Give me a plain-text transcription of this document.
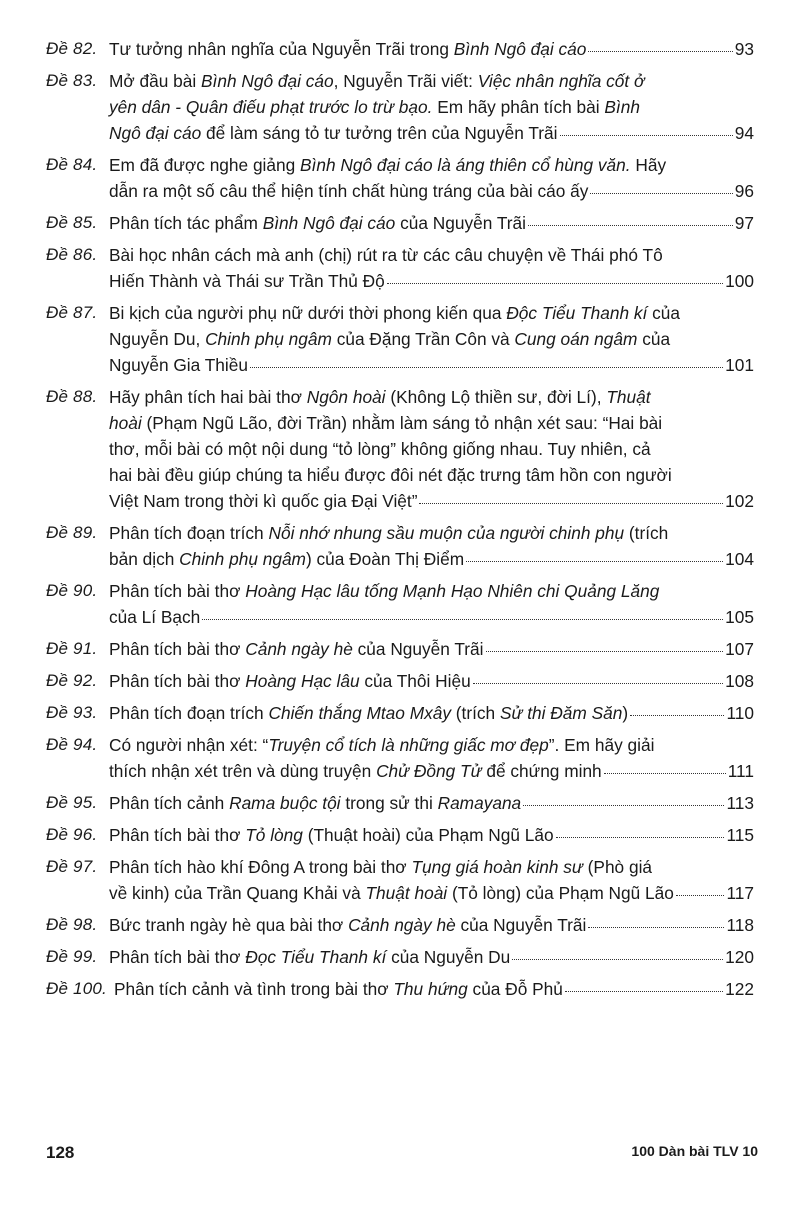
Đề 82. Tư tưởng nhân nghĩa của Nguyễn Trãi trong Bình Ngô đại cáo	93
Đề 83. Mở đầu bài Bình Ngô đại cáo, Nguyễn Trãi viết: Việc nhân nghĩa cốt ở
yên dân - Quân điếu phạt trước lo trừ bạo. Em hãy phân tích bài Bình
Ngô đại cáo để làm sáng tỏ tư tưởng trên của Nguyễn Trãi	94
Đề 84. Em đã được nghe giảng Bình Ngô đại cáo là áng thiên cổ hùng văn. Hãy
dẫn ra một số câu thể hiện tính chất hùng tráng của bài cáo ấy	96
Đề 85. Phân tích tác phẩm Bình Ngô đại cáo của Nguyễn Trãi	97
Đề 86. Bài học nhân cách mà anh (chị) rút ra từ các câu chuyện về Thái phó Tô
Hiến Thành và Thái sư Trần Thủ Độ	100
Đề 87. Bi kịch của người phụ nữ dưới thời phong kiến qua Độc Tiểu Thanh kí của
Nguyễn Du, Chinh phụ ngâm của Đặng Trần Côn và Cung oán ngâm của
Nguyễn Gia Thiều	101
Đề 88. Hãy phân tích hai bài thơ Ngôn hoài (Không Lộ thiền sư, đời Lí), Thuật
hoài (Phạm Ngũ Lão, đời Trần) nhằm làm sáng tỏ nhận xét sau: “Hai bài
thơ, mỗi bài có một nội dung “tỏ lòng” không giống nhau. Tuy nhiên, cả
hai bài đều giúp chúng ta hiểu được đôi nét đặc trưng tâm hồn con người
Việt Nam trong thời kì quốc gia Đại Việt”	102
Đề 89. Phân tích đoạn trích Nỗi nhớ nhung sầu muộn của người chinh phụ (trích
bản dịch Chinh phụ ngâm) của Đoàn Thị Điểm	104
Đề 90. Phân tích bài thơ Hoàng Hạc lâu tống Mạnh Hạo Nhiên chi Quảng Lăng
của Lí Bạch	105
Đề 91. Phân tích bài thơ Cảnh ngày hè của Nguyễn Trãi	107
Đề 92. Phân tích bài thơ Hoàng Hạc lâu của Thôi Hiệu	108
Đề 93. Phân tích đoạn trích Chiến thắng Mtao Mxây (trích Sử thi Đăm Săn)	110
Đề 94. Có người nhận xét: “Truyện cổ tích là những giấc mơ đẹp”. Em hãy giải
thích nhận xét trên và dùng truyện Chử Đồng Tử để chứng minh	111
Đề 95. Phân tích cảnh Rama buộc tội trong sử thi Ramayana	113
Đề 96. Phân tích bài thơ Tỏ lòng (Thuật hoài) của Phạm Ngũ Lão	115
Đề 97. Phân tích hào khí Đông A trong bài thơ Tụng giá hoàn kinh sư (Phò giá
về kinh) của Trần Quang Khải và Thuật hoài (Tỏ lòng) của Phạm Ngũ Lão	117
Đề 98. Bức tranh ngày hè qua bài thơ Cảnh ngày hè của Nguyễn Trãi	118
Đề 99. Phân tích bài thơ Đọc Tiểu Thanh kí của Nguyễn Du	120
Đề 100. Phân tích cảnh và tình trong bài thơ Thu hứng của Đỗ Phủ	122
128	100 Dàn bài TLV 10
